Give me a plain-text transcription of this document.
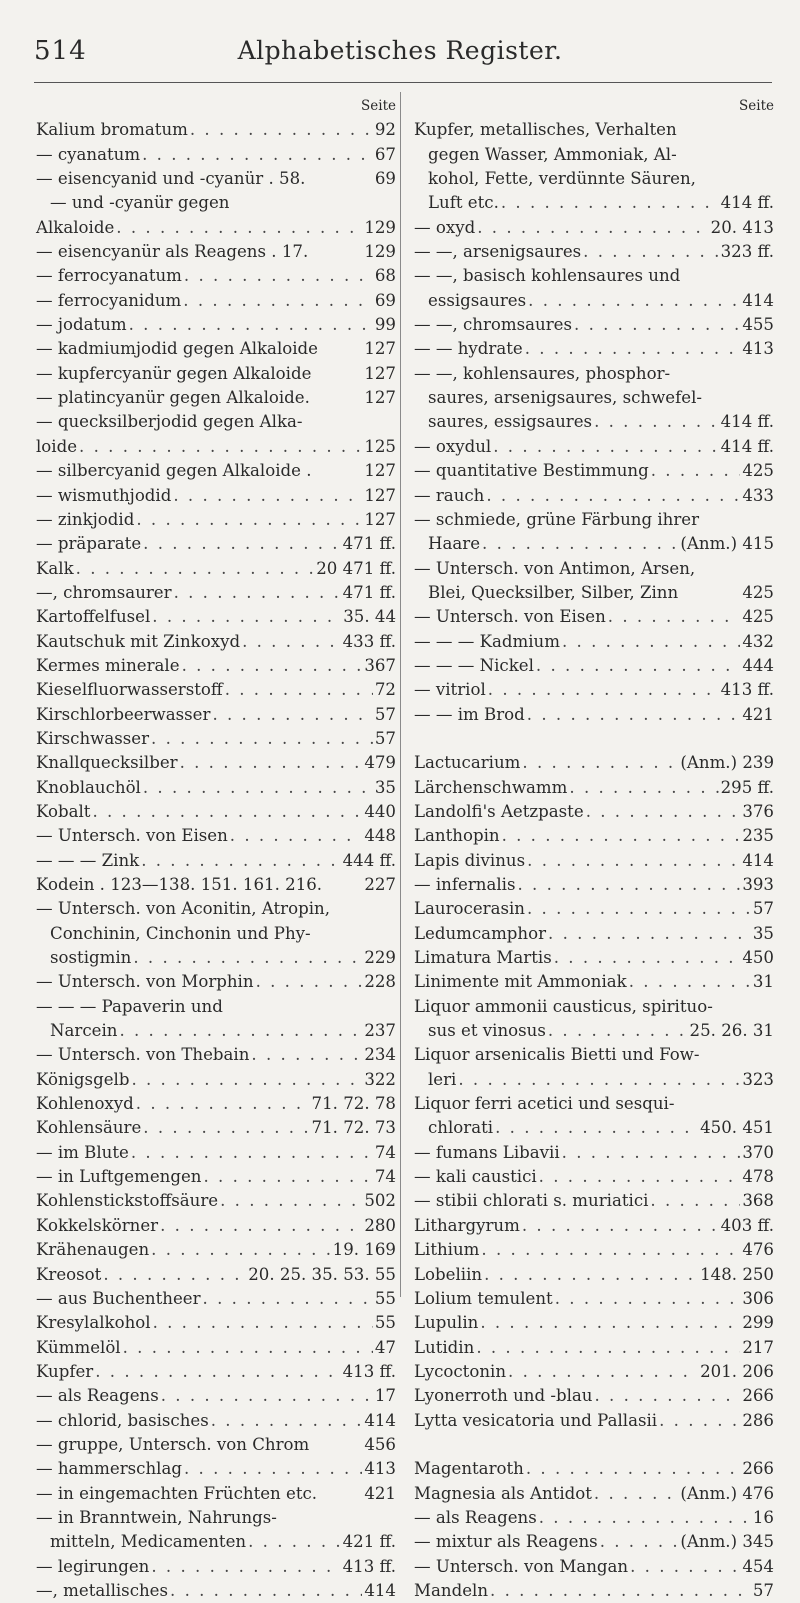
514	Alphabetisches Register.
Seite
Kalium bromatum . . .	92
— cyanatum . . .	67
— eisencyanid und -cyanür . 58.	69
— und -cyanür gegen
Alkaloide . . .	129
— eisencyanür als Reagens . 17.	129
— ferrocyanatum . . .	68
— ferrocyanidum . . .	69
— jodatum . . .	99
— kadmiumjodid gegen Alkaloide	127
— kupfercyanür gegen Alkaloide	127
— platincyanür gegen Alkaloide.	127
— quecksilberjodid gegen Alka-
loide . . .	125
— silbercyanid gegen Alkaloide .	127
— wismuthjodid . . .	127
— zinkjodid . . .	127
— präparate . . .	471 ff.
Kalk . . .	20 471 ff.
—, chromsaurer . . .	471 ff.
Kartoffelfusel . . .	35. 44
Kautschuk mit Zinkoxyd . . .	433 ff.
Kermes minerale . . .	367
Kieselfluorwasserstoff . . .	72
Kirschlorbeerwasser . . .	57
Kirschwasser . . .	57
Knallquecksilber . . .	479
Knoblauchöl . . .	35
Kobalt . . .	440
— Untersch. von Eisen . . .	448
— — — Zink . . .	444 ff.
Kodein . 123—138. 151. 161. 216.	227
— Untersch. von Aconitin, Atropin,
Conchinin, Cinchonin und Phy-
sostigmin . . .	229
— Untersch. von Morphin . . .	228
— — — Papaverin und
Narcein . . .	237
— Untersch. von Thebain . . .	234
Königsgelb . . .	322
Kohlenoxyd . . .	71. 72. 78
Kohlensäure . . .	71. 72. 73
— im Blute . . .	74
— in Luftgemengen . . .	74
Kohlenstickstoffsäure . . .	502
Kokkelskörner . . .	280
Krähenaugen . . .	19. 169
Kreosot . . .	20. 25. 35. 53. 55
— aus Buchentheer . . .	55
Kresylalkohol . . .	55
Kümmelöl . . .	47
Kupfer . . .	413 ff.
— als Reagens . . .	17
— chlorid, basisches . . .	414
— gruppe, Untersch. von Chrom	456
— hammerschlag . . .	413
— in eingemachten Früchten etc.	421
— in Branntwein, Nahrungs-
mitteln, Medicamenten . . .	421 ff.
— legirungen . . .	413 ff.
—, metallisches . . .	414
Seite
Kupfer, metallisches, Verhalten
gegen Wasser, Ammoniak, Al-
kohol, Fette, verdünnte Säuren,
Luft etc. . . .	414 ff.
— oxyd . . .	20. 413
— —, arsenigsaures . . .	323 ff.
— —, basisch kohlensaures und
essigsaures . . .	414
— —, chromsaures . . .	455
— — hydrate . . .	413
— —, kohlensaures, phosphor-
saures, arsenigsaures, schwefel-
saures, essigsaures . . .	414 ff.
— oxydul . . .	414 ff.
— quantitative Bestimmung . . .	425
— rauch . . .	433
— schmiede, grüne Färbung ihrer
Haare . . .	(Anm.) 415
— Untersch. von Antimon, Arsen,
Blei, Quecksilber, Silber, Zinn	425
— Untersch. von Eisen . . .	425
— — — Kadmium . . .	432
— — — Nickel . . .	444
— vitriol . . .	413 ff.
— — im Brod . . .	421
Lactucarium . . .	(Anm.) 239
Lärchenschwamm . . .	295 ff.
Landolfi's Aetzpaste . . .	376
Lanthopin . . .	235
Lapis divinus . . .	414
— infernalis . . .	393
Laurocerasin . . .	57
Ledumcamphor . . .	35
Limatura Martis . . .	450
Linimente mit Ammoniak . . .	31
Liquor ammonii causticus, spirituo-
sus et vinosus . . .	25. 26. 31
Liquor arsenicalis Bietti und Fow-
leri . . .	323
Liquor ferri acetici und sesqui-
chlorati . . .	450. 451
— fumans Libavii . . .	370
— kali caustici . . .	478
— stibii chlorati s. muriatici . . .	368
Lithargyrum . . .	403 ff.
Lithium . . .	476
Lobeliin . . .	148. 250
Lolium temulent . . .	306
Lupulin . . .	299
Lutidin . . .	217
Lycoctonin . . .	201. 206
Lyonerroth und -blau . . .	266
Lytta vesicatoria und Pallasii . . .	286
Magentaroth . . .	266
Magnesia als Antidot . . .	(Anm.) 476
— als Reagens . . .	16
— mixtur als Reagens . . .	(Anm.) 345
— Untersch. von Mangan . . .	454
Mandeln . . .	57
